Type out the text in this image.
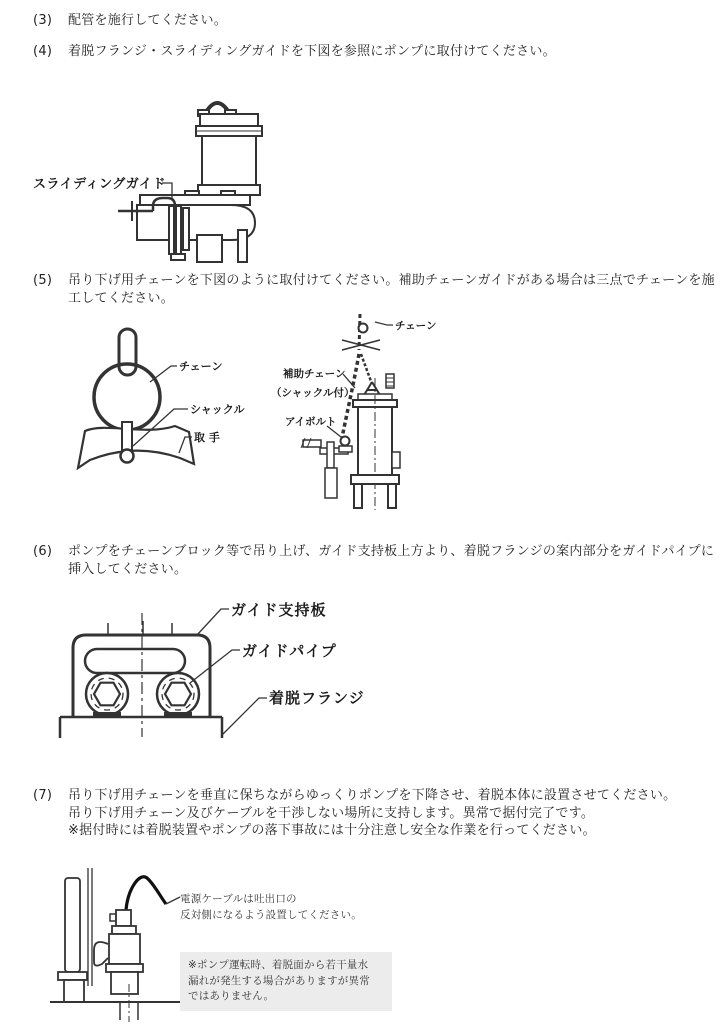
(3)	配管を施行してください。
(4)	着脱フランジ・スライディングガイドを下図を参照にポンプに取付けてください。
スライディングガイド
(5)	吊り下げ用チェーンを下図のように取付けてください。補助チェーンガイドがある場合は三点でチェーンを施工してください。
チェーン
シャックル
取 手
チェーン
補助チェーン
（シャックル付）
アイボルト
(6)	ポンプをチェーンブロック等で吊り上げ、ガイド支持板上方より、着脱フランジの案内部分をガイドパイプに挿入してください。
ガイド支持板
ガイドパイプ
着脱フランジ
(7)	吊り下げ用チェーンを垂直に保ちながらゆっくりポンプを下降させ、着脱本体に設置させてください。
吊り下げ用チェーン及びケーブルを干渉しない場所に支持します。異常で据付完了です。
※据付時には着脱装置やポンプの落下事故には十分注意し安全な作業を行ってください。
電源ケーブルは吐出口の
反対側になるよう設置してください。
※ポンプ運転時、着脱面から若干量水
漏れが発生する場合がありますが異常
ではありません。
